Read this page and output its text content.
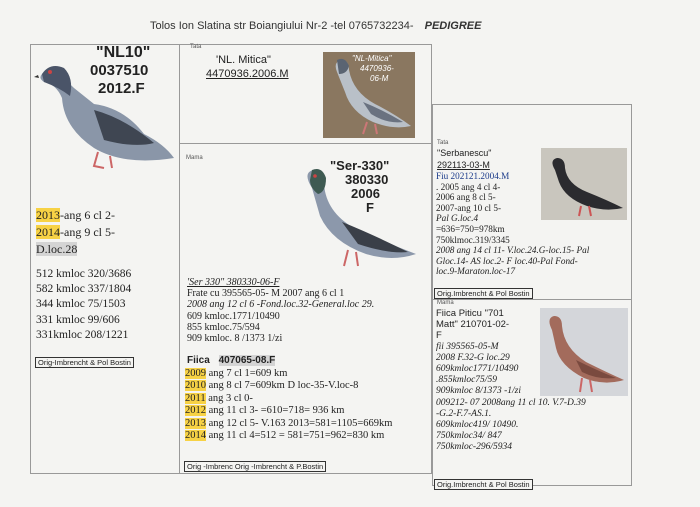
Tolos Ion Slatina str Boiangiului Nr-2 -tel 0765732234- PEDIGREE
"NL10"
0037510
2012.F
2013-ang 6 cl 2-
2014-ang 9 cl 5-
D.loc.28
512 kmloc 320/3686
582 kmloc 337/1804
344 kmloc 75/1503
331 kmloc 99/606
331kmloc 208/1221
Orig-Imbrencht & Pol Bostin
Tata
'NL. Mitica"
4470936.2006.M
"NL-Mitica"
4470936-
06-M
Mama	"Ser-330"
380330
2006
F
'Ser 330" 380330-06-F
Frate cu 395565-05- M 2007 ang 6 cl 1
2008 ang 12 cl 6 -Fond.loc.32-General.loc 29.
609 kmloc.1771/10490
855 kmloc.75/594
909 kmloc. 8 /1373 1/zi
Fiica 407065-08.F
2009 ang 7 cl 1=609 km
2010 ang 8 cl 7=609km D loc-35-V.loc-8
2011 ang 3 cl 0-
2012 ang 11 cl 3- =610=718= 936 km
2013 ang 12 cl 5- V.163 2013=581=1105=669km
2014 ang 11 cl 4=512 = 581=751=962=830 km
Orig -Imbrenc Orig -Imbrencht & P.Bostin
Tata
"Serbanescu"
292113-03-M
Fiu 202121.2004.M
. 2005 ang 4 cl 4-
2006 ang 8 cl 5-
2007-ang 10 cl 5-
Pal G.loc.4
=636=750=978km
750klmoc.319/3345
2008 ang 14 cl 11- V.loc.24.G-loc.15- Pal
Gloc.14- AS loc.2- F loc.40-Pal Fond-
loc.9-Maraton.loc-17
Orig.Imbrencht & Pol Bostin
Mama
Fiica Piticu "701
Matt" 210701-02-
F
fii 395565-05-M
2008 F.32-G loc.29
609kmloc1771/10490
.855kmloc75/59
909kmloc 8/1373 -1/zi
009212- 07 2008ang 11 cl 10. V.7-D.39
-G.2-F.7-AS.1.
609kmloc419/ 10490.
750kmloc34/ 847
750kmloc-296/5934
Orig.Imbrencht & Pol Bostin
